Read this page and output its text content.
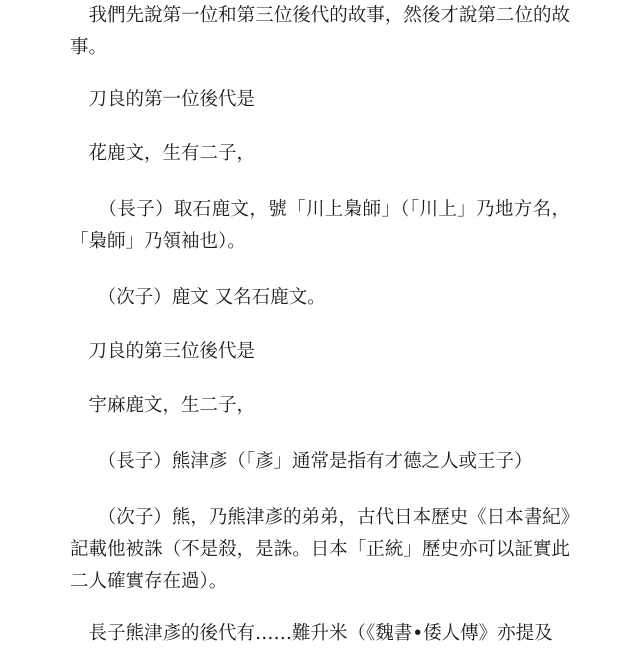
　我們先說第一位和第三位後代的故事，然後才說第二位的故事。

　刀良的第一位後代是

　花鹿文，生有二子，

　　（長子）取石鹿文，號「川上梟師」（「川上」乃地方名，「梟師」乃領袖也）。

　　（次子）鹿文 又名石鹿文。

　刀良的第三位後代是

　宇麻鹿文，生二子，

　　（長子）熊津彥（「彥」通常是指有才德之人或王子）

　　（次子）熊，乃熊津彥的弟弟，古代日本歷史《日本書紀》記載他被誅（不是殺，是誅。日本「正統」歷史亦可以証實此二人確實存在過）。

　長子熊津彥的後代有……難升米（《魏書•倭人傳》亦提及
